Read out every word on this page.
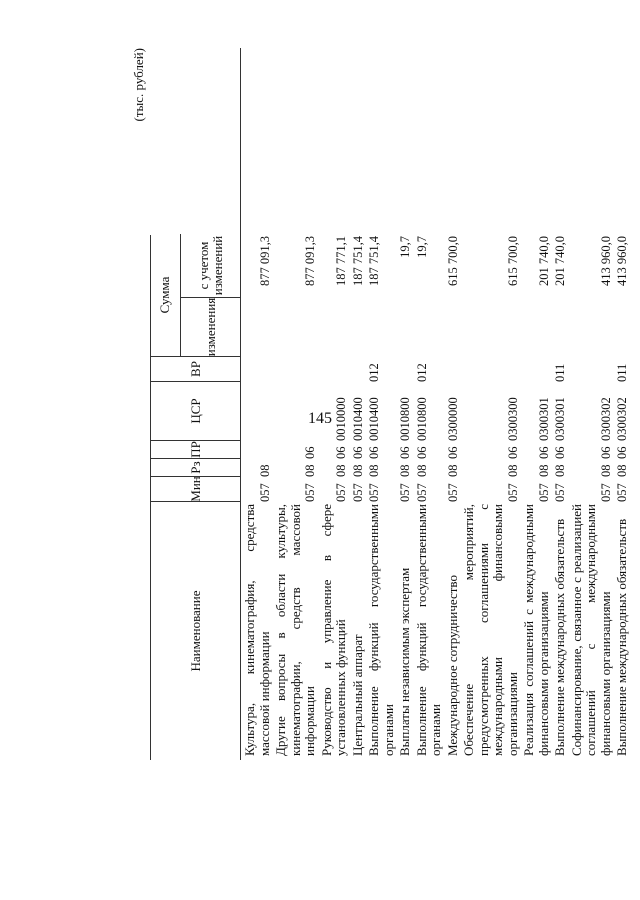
145
(тыс. рублей)
Наименование
Мин
Рз
ПР
ЦСР
ВР
Сумма
изменения
с учетом изменений
Культура, кинематография, средства массовой информации
057
08
877 091,3
Другие вопросы в области культуры, кинематографии, средств массовой информации
057
08
06
877 091,3
Руководство и управление в сфере установленных функций
057
08
06
0010000
187 771,1
Центральный аппарат
057
08
06
0010400
187 751,4
Выполнение функций государственными органами
057
08
06
0010400
012
187 751,4
Выплаты независимым экспертам
057
08
06
0010800
19,7
Выполнение функций государственными органами
057
08
06
0010800
012
19,7
Международное сотрудничество
057
08
06
0300000
615 700,0
Обеспечение мероприятий, предусмотренных соглашениями с международными финансовыми организациями
057
08
06
0300300
615 700,0
Реализация соглашений с международными финансовыми организациями
057
08
06
0300301
201 740,0
Выполнение международных обязательств
057
08
06
0300301
011
201 740,0
Софинансирование, связанное с реализацией соглашений с международными финансовыми организациями
057
08
06
0300302
413 960,0
Выполнение международных обязательств
057
08
06
0300302
011
413 960,0
